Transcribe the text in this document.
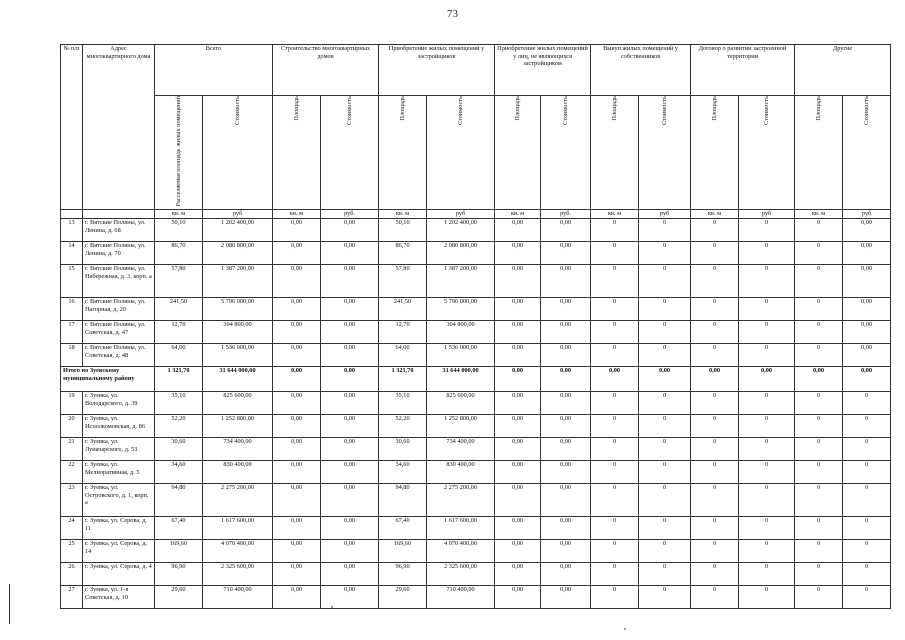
73
№ п/п	Адрес многоквартирного дома	Всего		Строительство многоквартирных домов		Приобретение жилых помещений у застройщиков		Приобретение жилых помещений у лиц, не являющихся застройщиком		Выкуп жилых помещений у собственников		Договор о развитии застроенной территории		Другие	
		Расселяемая площадь жилых помещений	Стоимость	Площадь	Стоимость	Площадь	Стоимость	Площадь	Стоимость	Площадь	Стоимость	Площадь	Стоимость	Площадь	Стоимость
		кв. м	руб	кв. м	руб.	кв. м	руб	кв. м	руб.	кв. м	руб	кв. м	руб	кв. м	руб
13	г. Вятские Поляны, ул. Ленина, д. 68	50,10	1 202 400,00	0,00	0,00	50,10	1 202 400,00	0,00	0,00	0	0	0	0	0	0,00
14	г. Вятские Поляны, ул. Ленина, д. 70	86,70	2 080 800,00	0,00	0,00	86,70	2 080 800,00	0,00	0,00	0	0	0	0	0	0,00
15	г. Вятские Поляны, ул. Набережная, д. 3, корп. а	57,80	1 387 200,00	0,00	0,00	57,80	1 387 200,00	0,00	0,00	0	0	0	0	0	0,00
16	г. Вятские Поляны, ул. Нагорная, д. 20	241,50	5 796 000,00	0,00	0,00	241,50	5 796 000,00	0,00	0,00	0	0	0	0	0	0,00
17	г. Вятские Поляны, ул. Советская, д. 47	12,70	304 800,00	0,00	0,00	12,70	304 800,00	0,00	0,00	0	0	0	0	0	0,00
18	г. Вятские Поляны, ул. Советская, д. 48	64,00	1 536 000,00	0,00	0,00	64,00	1 536 000,00	0,00	0,00	0	0	0	0	0	0,00
Итого по Зуевскому муниципальному району		1 321,70	31 644 000,00	0,00	0,00	1 321,70	31 644 000,00	0,00	0,00	0,00	0,00	0,00	0,00	0,00	0,00
19	г. Зуевка, ул. Володарского, д. 39	35,10	825 600,00	0,00	0,00	35,10	825 600,00	0,00	0,00	0	0	0	0	0	0
20	г. Зуевка, ул. Исполкомовская, д. 86	52,20	1 252 800,00	0,00	0,00	52,20	1 252 800,00	0,00	0,00	0	0	0	0	0	0
21	г. Зуевка, ул. Луначарского, д. 53	30,60	734 400,00	0,00	0,00	30,60	734 400,00	0,00	0,00	0	0	0	0	0	0
22	г. Зуевка, ул. Мелиоративная, д. 5	34,60	830 400,00	0,00	0,00	34,60	830 400,00	0,00	0,00	0	0	0	0	0	0
23	г. Зуевка, ул. Островского, д. 1, корп. а	94,80	2 275 200,00	0,00	0,00	94,80	2 275 200,00	0,00	0,00	0	0	0	0	0	0
24	г. Зуевка, ул. Серова, д. 11	67,40	1 617 600,00	0,00	0,00	67,40	1 617 600,00	0,00	0,00	0	0	0	0	0	0
25	г. Зуевка, ул. Серова, д. 14	169,60	4 070 400,00	0,00	0,00	169,60	4 070 400,00	0,00	0,00	0	0	0	0	0	0
26	г. Зуевка, ул. Серова, д. 4	96,90	2 325 600,00	0,00	0,00	96,90	2 325 600,00	0,00	0,00	0	0	0	0	0	0
27	г. Зуевка, ул. 1-я Советская, д. 10	29,60	710 400,00	0,00	0,00	29,60	710 400,00	0,00	0,00	0	0	0	0	0	0
